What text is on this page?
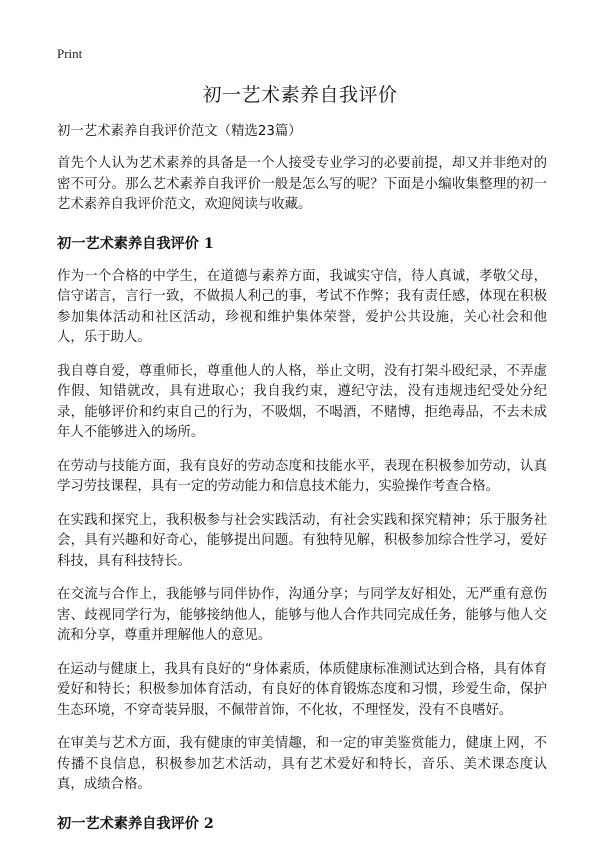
Print
初一艺术素养自我评价

初一艺术素养自我评价范文（精选23篇）

首先个人认为艺术素养的具备是一个人接受专业学习的必要前提，却又并非绝对的密不可分。那么艺术素养自我评价一般是怎么写的呢？下面是小编收集整理的初一艺术素养自我评价范文，欢迎阅读与收藏。

初一艺术素养自我评价 1

作为一个合格的中学生，在道德与素养方面，我诚实守信，待人真诚，孝敬父母，信守诺言，言行一致，不做损人利己的事，考试不作弊；我有责任感，体现在积极参加集体活动和社区活动，珍视和维护集体荣誉，爱护公共设施，关心社会和他人，乐于助人。

我自尊自爱，尊重师长，尊重他人的人格，举止文明，没有打架斗殴纪录，不弄虚作假、知错就改，具有进取心；我自我约束，遵纪守法，没有违规违纪受处分纪录，能够评价和约束自己的行为，不吸烟，不喝酒，不赌博，拒绝毒品，不去未成年人不能够进入的场所。

在劳动与技能方面，我有良好的劳动态度和技能水平，表现在积极参加劳动，认真学习劳技课程，具有一定的劳动能力和信息技术能力，实验操作考查合格。

在实践和探究上，我积极参与社会实践活动，有社会实践和探究精神；乐于服务社会，具有兴趣和好奇心，能够提出问题。有独特见解，积极参加综合性学习，爱好科技，具有科技特长。

在交流与合作上，我能够与同伴协作，沟通分享；与同学友好相处，无严重有意伤害、歧视同学行为，能够接纳他人，能够与他人合作共同完成任务，能够与他人交流和分享，尊重并理解他人的意见。

在运动与健康上，我具有良好的“身体素质，体质健康标准测试达到合格，具有体育爱好和特长；积极参加体育活动，有良好的体育锻炼态度和习惯，珍爱生命，保护生态环境，不穿奇装异服，不佩带首饰，不化妆，不理怪发，没有不良嗜好。

在审美与艺术方面，我有健康的审美情趣，和一定的审美鉴赏能力，健康上网，不传播不良信息，积极参加艺术活动，具有艺术爱好和特长，音乐、美术课态度认真，成绩合格。

初一艺术素养自我评价 2
